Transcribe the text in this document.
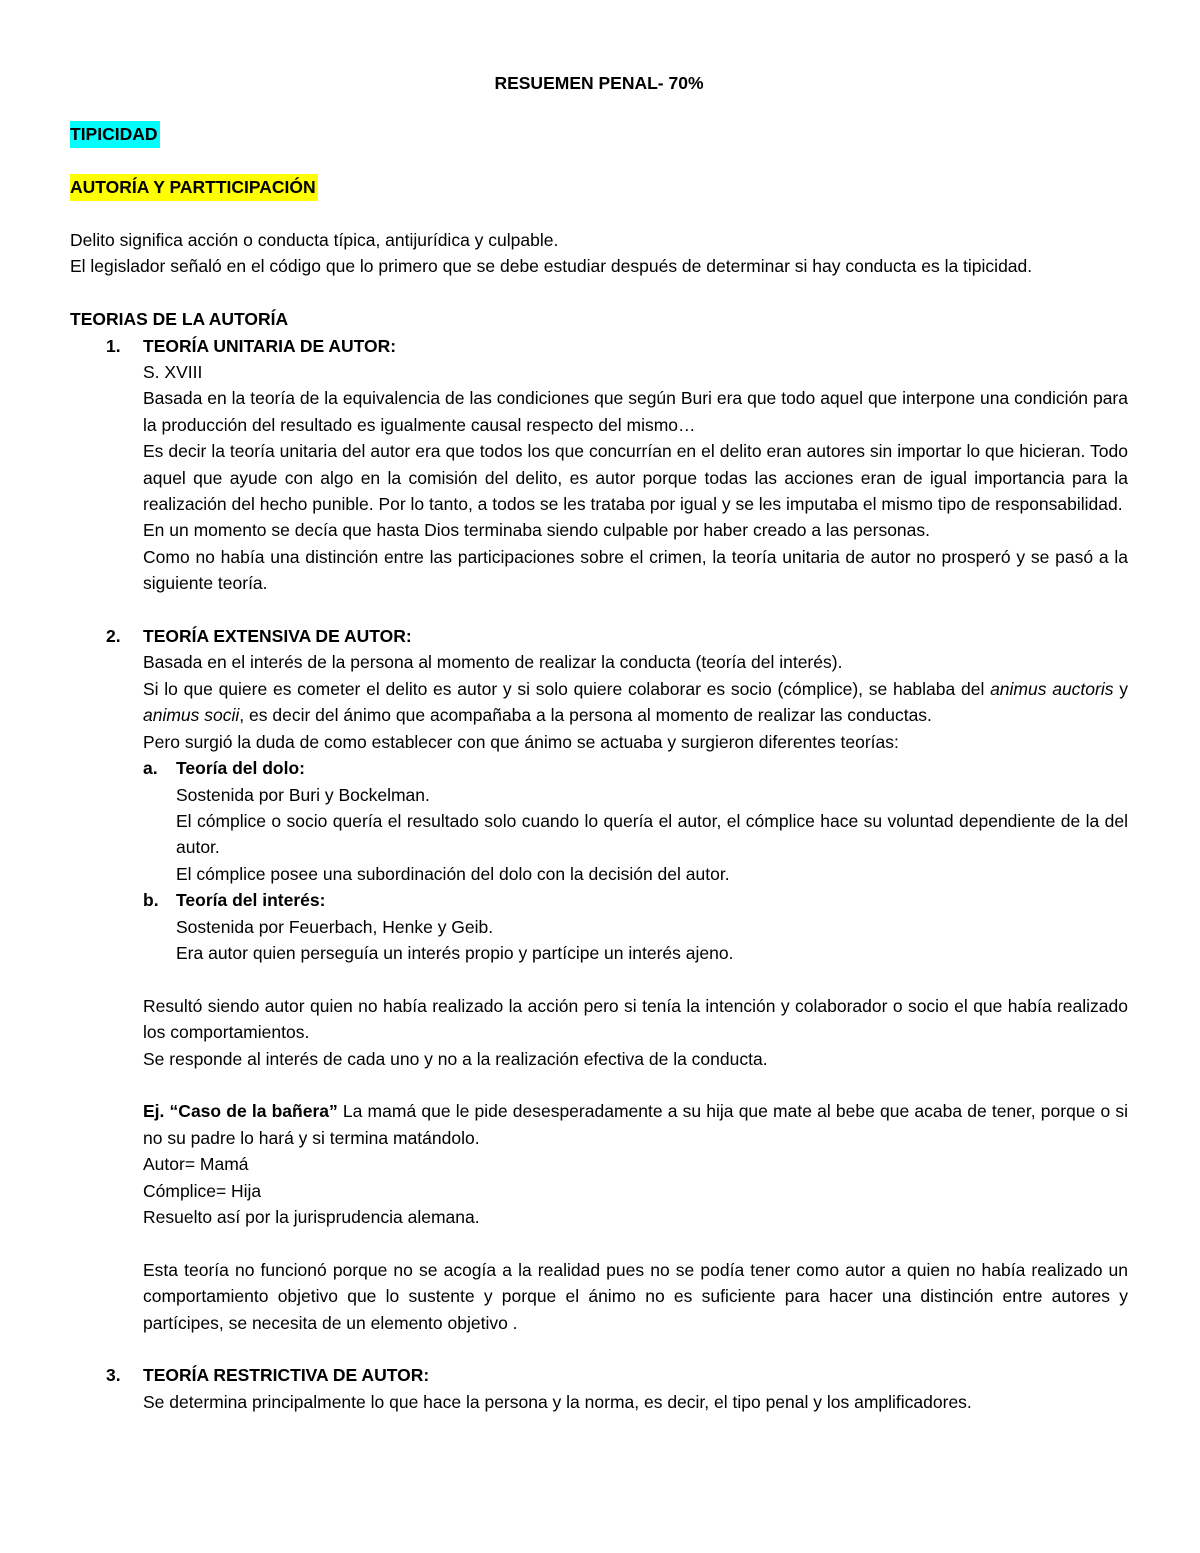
RESUEMEN PENAL- 70%

TIPICIDAD

AUTORÍA Y PARTTICIPACIÓN

Delito significa acción o conducta típica, antijurídica y culpable.

El legislador señaló en el código que lo primero que se debe estudiar después de determinar si hay conducta es la tipicidad.

TEORIAS DE LA AUTORÍA

1. TEORÍA UNITARIA DE AUTOR:

S. XVIII

Basada en la teoría de la equivalencia de las condiciones que según Buri era que todo aquel que interpone una condición para la producción del resultado es igualmente causal respecto del mismo…

Es decir la teoría unitaria del autor era que todos los que concurrían en el delito eran autores sin importar lo que hicieran. Todo aquel que ayude con algo en la comisión del delito, es autor porque todas las acciones eran de igual importancia para la realización del hecho punible. Por lo tanto, a todos se les trataba por igual y se les imputaba el mismo tipo de responsabilidad.

En un momento se decía que hasta Dios terminaba siendo culpable por haber creado a las personas.

Como no había una distinción entre las participaciones sobre el crimen, la teoría unitaria de autor no prosperó y se pasó a la siguiente teoría.

2. TEORÍA EXTENSIVA DE AUTOR:

Basada en el interés de la persona al momento de realizar la conducta (teoría del interés).

Si lo que quiere es cometer el delito es autor y si solo quiere colaborar es socio (cómplice), se hablaba del animus auctoris y animus socii, es decir del ánimo que acompañaba a la persona al momento de realizar las conductas.

Pero surgió la duda de como establecer con que ánimo se actuaba y surgieron diferentes teorías:

a. Teoría del dolo:

Sostenida por Buri y Bockelman.

El cómplice o socio quería el resultado solo cuando lo quería el autor, el cómplice hace su voluntad dependiente de la del autor.

El cómplice posee una subordinación del dolo con la decisión del autor.

b. Teoría del interés:

Sostenida por Feuerbach, Henke y Geib.

Era autor quien perseguía un interés propio y partícipe un interés ajeno.

Resultó siendo autor quien no había realizado la acción pero si tenía la intención y colaborador o socio el que había realizado los comportamientos.

Se responde al interés de cada uno y no a la realización efectiva de la conducta.

Ej. “Caso de la bañera” La mamá que le pide desesperadamente a su hija que mate al bebe que acaba de tener, porque o si no su padre lo hará y si termina matándolo.

Autor= Mamá

Cómplice= Hija

Resuelto así por la jurisprudencia alemana.

Esta teoría no funcionó porque no se acogía a la realidad pues no se podía tener como autor a quien no había realizado un comportamiento objetivo que lo sustente y porque el ánimo no es suficiente para hacer una distinción entre autores y partícipes, se necesita de un elemento objetivo .

3. TEORÍA RESTRICTIVA DE AUTOR:

Se determina principalmente lo que hace la persona y la norma, es decir, el tipo penal y los amplificadores.
